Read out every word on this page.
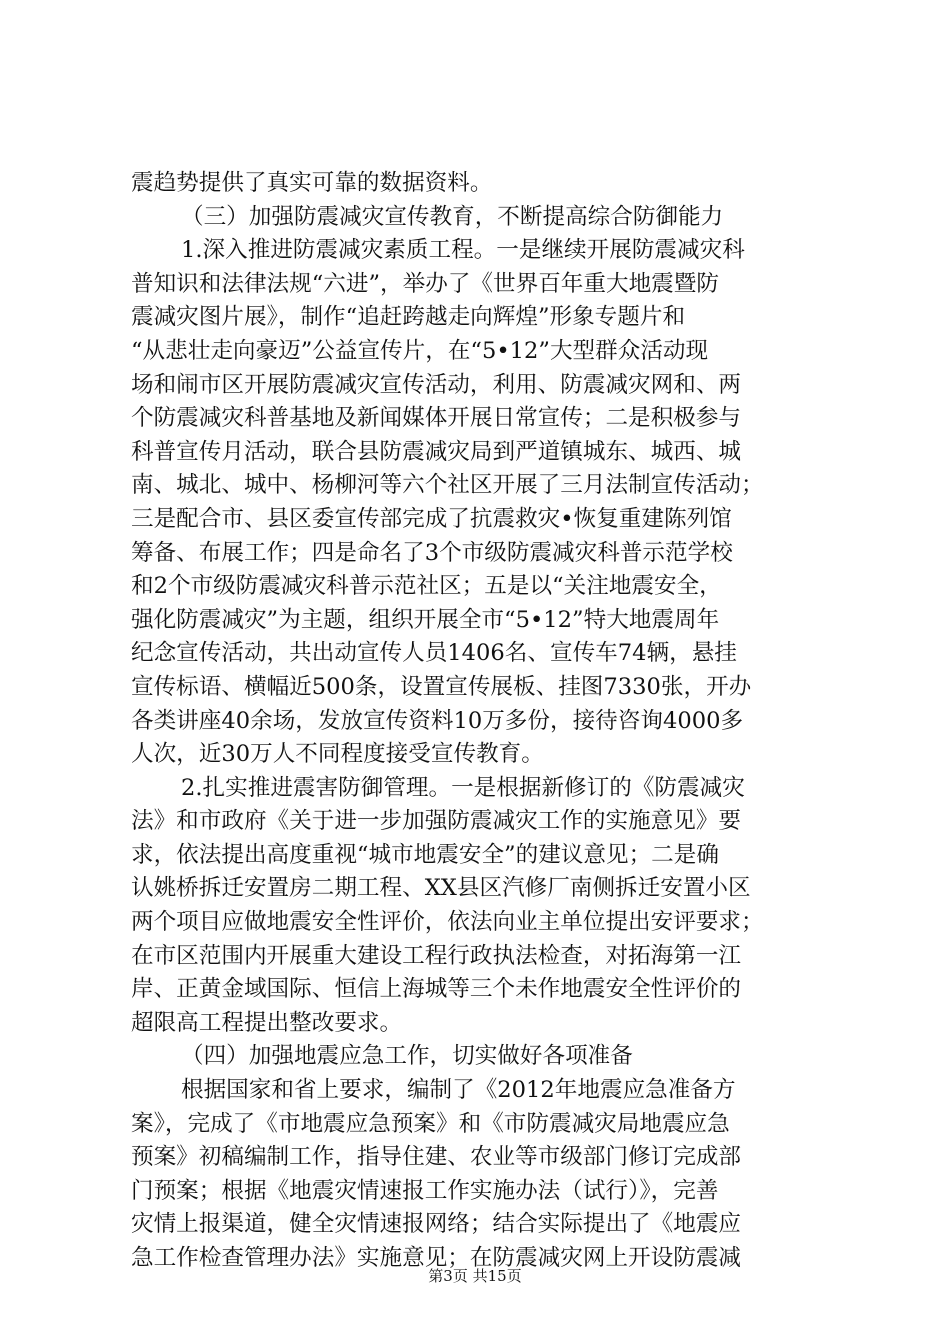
震趋势提供了真实可靠的数据资料。
（三）加强防震减灾宣传教育，不断提高综合防御能力
1.深入推进防震减灾素质工程。一是继续开展防震减灾科
普知识和法律法规“六进”，举办了《世界百年重大地震暨防
震减灾图片展》，制作“追赶跨越走向辉煌”形象专题片和
“从悲壮走向豪迈”公益宣传片，在“5•12”大型群众活动现
场和闹市区开展防震减灾宣传活动，利用、防震减灾网和、两
个防震减灾科普基地及新闻媒体开展日常宣传；二是积极参与
科普宣传月活动，联合县防震减灾局到严道镇城东、城西、城
南、城北、城中、杨柳河等六个社区开展了三月法制宣传活动；
三是配合市、县区委宣传部完成了抗震救灾•恢复重建陈列馆
筹备、布展工作；四是命名了3个市级防震减灾科普示范学校
和2个市级防震减灾科普示范社区；五是以“关注地震安全，
强化防震减灾”为主题，组织开展全市“5•12”特大地震周年
纪念宣传活动，共出动宣传人员1406名、宣传车74辆，悬挂
宣传标语、横幅近500条，设置宣传展板、挂图7330张，开办
各类讲座40余场，发放宣传资料10万多份，接待咨询4000多
人次，近30万人不同程度接受宣传教育。
2.扎实推进震害防御管理。一是根据新修订的《防震减灾
法》和市政府《关于进一步加强防震减灾工作的实施意见》要
求，依法提出高度重视“城市地震安全”的建议意见；二是确
认姚桥拆迁安置房二期工程、XX县区汽修厂南侧拆迁安置小区
两个项目应做地震安全性评价，依法向业主单位提出安评要求；
在市区范围内开展重大建设工程行政执法检查，对拓海第一江
岸、正黄金域国际、恒信上海城等三个未作地震安全性评价的
超限高工程提出整改要求。
（四）加强地震应急工作，切实做好各项准备
根据国家和省上要求，编制了《2012年地震应急准备方
案》，完成了《市地震应急预案》和《市防震减灾局地震应急
预案》初稿编制工作，指导住建、农业等市级部门修订完成部
门预案；根据《地震灾情速报工作实施办法（试行）》，完善
灾情上报渠道，健全灾情速报网络；结合实际提出了《地震应
急工作检查管理办法》实施意见；在防震减灾网上开设防震减
第3页 共15页
